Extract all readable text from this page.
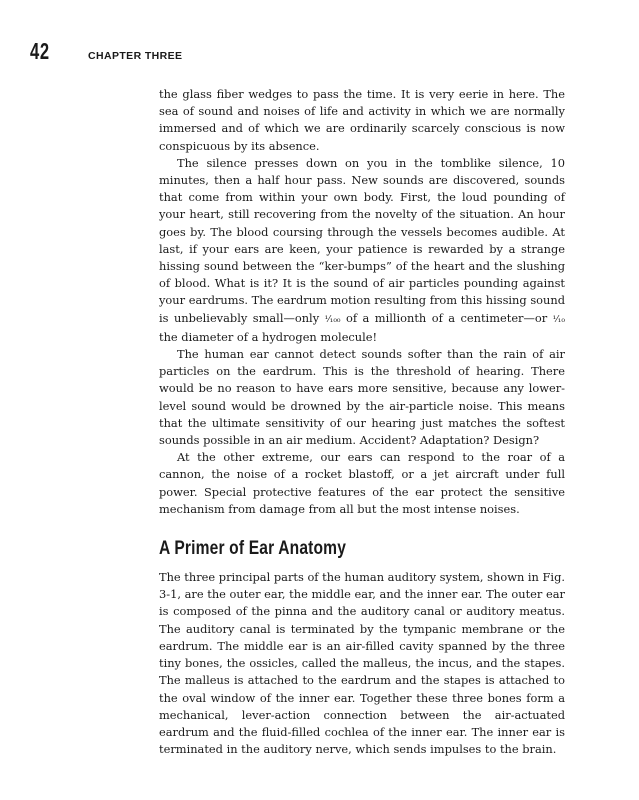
42	CHAPTER THREE

the glass fiber wedges to pass the time. It is very eerie in here. The sea of sound and noises of life and activity in which we are normally immersed and of which we are ordinarily scarcely conscious is now conspicuous by its absence.

The silence presses down on you in the tomblike silence, 10 minutes, then a half hour pass. New sounds are discovered, sounds that come from within your own body. First, the loud pounding of your heart, still recovering from the novelty of the situation. An hour goes by. The blood coursing through the vessels becomes audible. At last, if your ears are keen, your patience is rewarded by a strange hissing sound between the “ker-bumps” of the heart and the slushing of blood. What is it? It is the sound of air particles pounding against your eardrums. The eardrum motion resulting from this hissing sound is unbelievably small—only ¹⁄₁₀₀ of a millionth of a centimeter—or ¹⁄₁₀ the diameter of a hydrogen molecule!

The human ear cannot detect sounds softer than the rain of air particles on the eardrum. This is the threshold of hearing. There would be no reason to have ears more sensitive, because any lower-level sound would be drowned by the air-particle noise. This means that the ultimate sensitivity of our hearing just matches the softest sounds possible in an air medium. Accident? Adaptation? Design?

At the other extreme, our ears can respond to the roar of a cannon, the noise of a rocket blastoff, or a jet aircraft under full power. Special protective features of the ear protect the sensitive mechanism from damage from all but the most intense noises.

A Primer of Ear Anatomy

The three principal parts of the human auditory system, shown in Fig. 3-1, are the outer ear, the middle ear, and the inner ear. The outer ear is composed of the pinna and the auditory canal or auditory meatus. The auditory canal is terminated by the tympanic membrane or the eardrum. The middle ear is an air-filled cavity spanned by the three tiny bones, the ossicles, called the malleus, the incus, and the stapes. The malleus is attached to the eardrum and the stapes is attached to the oval window of the inner ear. Together these three bones form a mechanical, lever-action connection between the air-actuated eardrum and the fluid-filled cochlea of the inner ear. The inner ear is terminated in the auditory nerve, which sends impulses to the brain.
